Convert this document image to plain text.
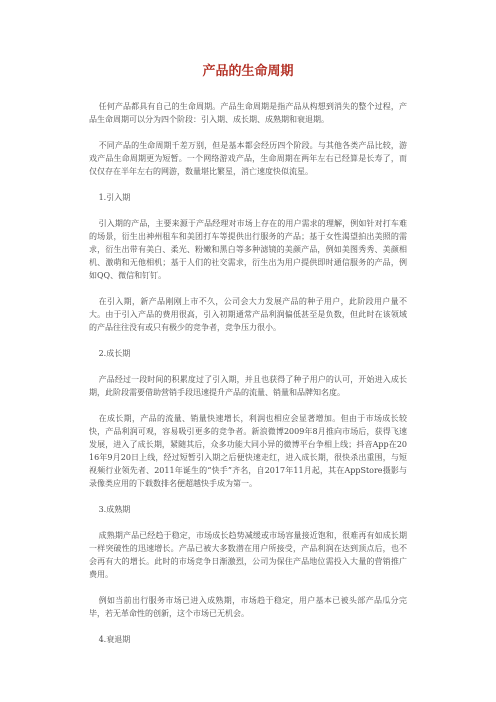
产品的生命周期
任何产品都具有自己的生命周期。产品生命周期是指产品从构想到消失的整个过程，产品生命周期可以分为四个阶段：引入期、成长期、成熟期和衰退期。
不同产品的生命周期千差万别，但是基本都会经历四个阶段。与其他各类产品比较，游戏产品生命周期更为短暂。一个网络游戏产品，生命周期在两年左右已经算是长寿了，而仅仅存在半年左右的网游，数量堪比繁星，消亡速度快似流星。
1.引入期
引入期的产品，主要来源于产品经理对市场上存在的用户需求的理解，例如针对打车难的场景，衍生出神州租车和美团打车等提供出行服务的产品；基于女性渴望拍出美照的需求，衍生出带有美白、柔光、粉嫩和黑白等多种滤镜的美颜产品，例如美图秀秀、美颜相机、激萌和无他相机；基于人们的社交需求，衍生出为用户提供即时通信服务的产品，例如QQ、微信和钉钉。
在引入期，新产品刚刚上市不久，公司会大力发展产品的种子用户，此阶段用户量不大。由于引入产品的费用很高，引入初期通常产品利润偏低甚至是负数，但此时在该领域的产品往往没有或只有极少的竞争者，竞争压力很小。
2.成长期
产品经过一段时间的积累度过了引入期，并且也获得了种子用户的认可，开始进入成长期，此阶段需要借助营销手段迅速提升产品的流量、销量和品牌知名度。
在成长期，产品的流量、销量快速增长，利润也相应会显著增加。但由于市场成长较快，产品利润可观，容易吸引更多的竞争者。新浪微博2009年8月推向市场后，获得飞速发展，进入了成长期，紧随其后，众多功能大同小异的微博平台争相上线；抖音App在2016年9月20日上线，经过短暂引入期之后便快速走红，进入成长期，很快杀出重围，与短视频行业领先者、2011年诞生的“快手”齐名，自2017年11月起，其在AppStore摄影与录像类应用的下载数排名便超越快手成为第一。
3.成熟期
成熟期产品已经趋于稳定，市场成长趋势减缓或市场容量接近饱和，很难再有如成长期一样突破性的迅速增长。产品已被大多数潜在用户所接受，产品利润在达到顶点后，也不会再有大的增长。此时的市场竞争日渐激烈，公司为保住产品地位需投入大量的营销推广费用。
例如当前出行服务市场已进入成熟期，市场趋于稳定，用户基本已被头部产品瓜分完毕，若无革命性的创新，这个市场已无机会。
4.衰退期
